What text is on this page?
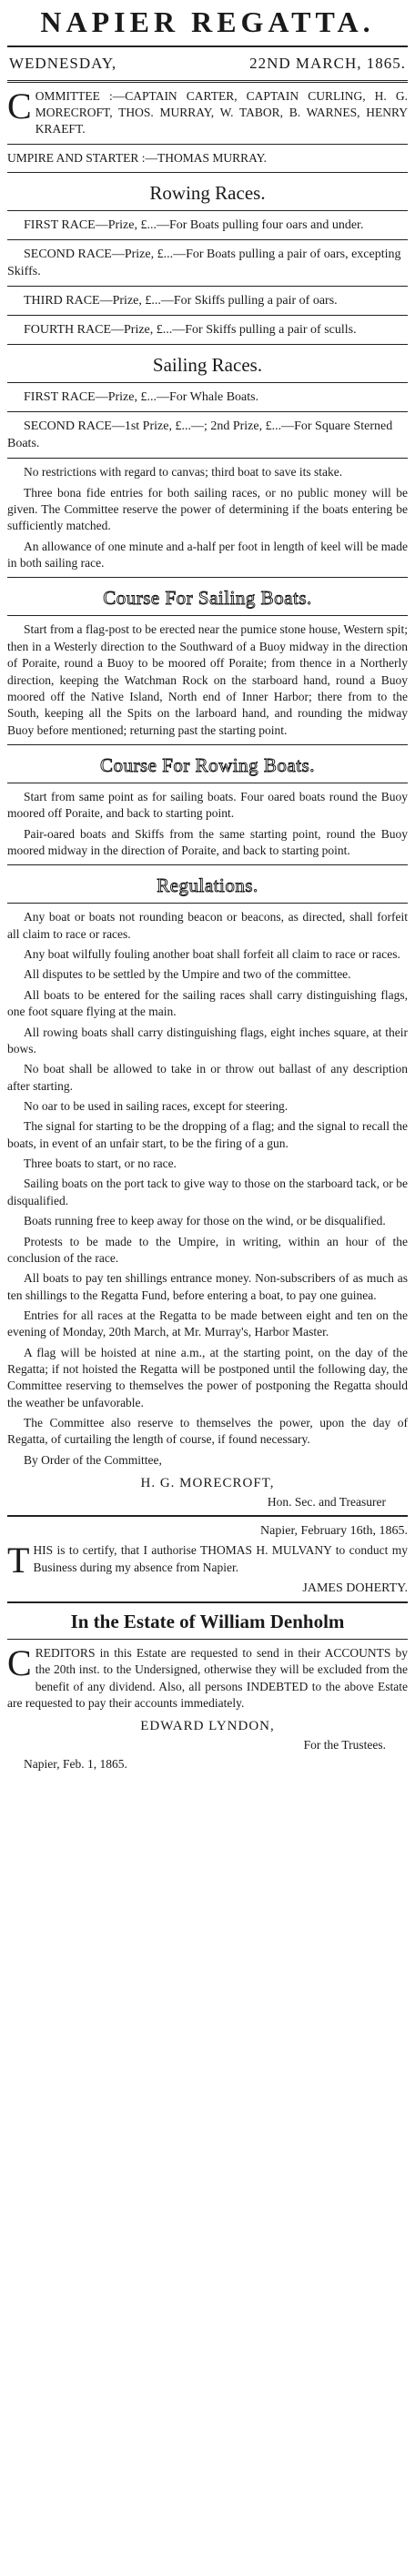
NAPIER REGATTA.
WEDNESDAY,	22ND MARCH, 1865.

COMMITTEE :—CAPTAIN CARTER, CAPTAIN CURLING, H. G. MORECROFT, THOS. MURRAY, W. TABOR, B. WARNES, HENRY KRAEFT.

UMPIRE AND STARTER :—THOMAS MURRAY.

Rowing Races.

FIRST RACE—Prize, £...—For Boats pulling four oars and under.

SECOND RACE—Prize, £...—For Boats pulling a pair of oars, excepting Skiffs.

THIRD RACE—Prize, £...—For Skiffs pulling a pair of oars.

FOURTH RACE—Prize, £...—For Skiffs pulling a pair of sculls.

Sailing Races.

FIRST RACE—Prize, £...—For Whale Boats.

SECOND RACE—1st Prize, £...—; 2nd Prize, £...—For Square Sterned Boats.

No restrictions with regard to canvas; third boat to save its stake.

Three bona fide entries for both sailing races, or no public money will be given. The Committee reserve the power of determining if the boats entering be sufficiently matched.

An allowance of one minute and a-half per foot in length of keel will be made in both sailing race.

Course For Sailing Boats.

Start from a flag-post to be erected near the pumice stone house, Western spit; then in a Westerly direction to the Southward of a Buoy midway in the direction of Poraite, round a Buoy to be moored off Poraite; from thence in a Northerly direction, keeping the Watchman Rock on the starboard hand, round a Buoy moored off the Native Island, North end of Inner Harbor; there from to the South, keeping all the Spits on the larboard hand, and rounding the midway Buoy before mentioned; returning past the starting point.

Course For Rowing Boats.

Start from same point as for sailing boats. Four oared boats round the Buoy moored off Poraite, and back to starting point.

Pair-oared boats and Skiffs from the same starting point, round the Buoy moored midway in the direction of Poraite, and back to starting point.

Regulations.

Any boat or boats not rounding beacon or beacons, as directed, shall forfeit all claim to race or races.

Any boat wilfully fouling another boat shall forfeit all claim to race or races.

All disputes to be settled by the Umpire and two of the committee.

All boats to be entered for the sailing races shall carry distinguishing flags, one foot square flying at the main.

All rowing boats shall carry distinguishing flags, eight inches square, at their bows.

No boat shall be allowed to take in or throw out ballast of any description after starting.

No oar to be used in sailing races, except for steering.

The signal for starting to be the dropping of a flag; and the signal to recall the boats, in event of an unfair start, to be the firing of a gun.

Three boats to start, or no race.

Sailing boats on the port tack to give way to those on the starboard tack, or be disqualified.

Boats running free to keep away for those on the wind, or be disqualified.

Protests to be made to the Umpire, in writing, within an hour of the conclusion of the race.

All boats to pay ten shillings entrance money. Non-subscribers of as much as ten shillings to the Regatta Fund, before entering a boat, to pay one guinea.

Entries for all races at the Regatta to be made between eight and ten on the evening of Monday, 20th March, at Mr. Murray's, Harbor Master.

A flag will be hoisted at nine a.m., at the starting point, on the day of the Regatta; if not hoisted the Regatta will be postponed until the following day, the Committee reserving to themselves the power of postponing the Regatta should the weather be unfavorable.

The Committee also reserve to themselves the power, upon the day of Regatta, of curtailing the length of course, if found necessary.

By Order of the Committee,

H. G. MORECROFT,
Hon. Sec. and Treasurer
Napier, February 16th, 1865.

THIS is to certify, that I authorise THOMAS H. MULVANY to conduct my Business during my absence from Napier.

JAMES DOHERTY.
In the Estate of William Denholm

CREDITORS in this Estate are requested to send in their ACCOUNTS by the 20th inst. to the Undersigned, otherwise they will be excluded from the benefit of any dividend. Also, all persons INDEBTED to the above Estate are requested to pay their accounts immediately.

EDWARD LYNDON,
For the Trustees.

Napier, Feb. 1, 1865.
